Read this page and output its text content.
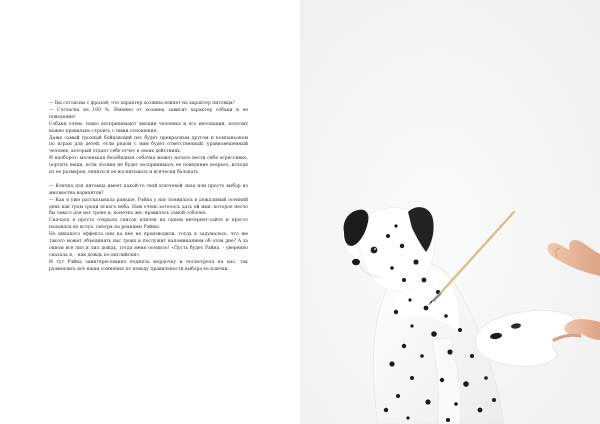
— Вы согласны с фразой, что характер хозяина влияет на характер питомца?

— Согласна на 100 %. Именно от хозяина зависит характер собаки и ее поведение!

Собаки очень тонко воспринимают эмоции человека и его интонации, поэтому важно правильно строить с ними отношения.

Даже самый грозный бойцовский пес будет прекрасным другом и компаньоном по играм для детей, если рядом с ним будет ответственный, уравновешенный человек, который отдает себе отчет в своих действиях.

И наоборот: маленькая безобидная собачка может начать вести себя агрессивно, портить вещи, если хозяин не будет воспринимать ее поведение всерьез, исходя из ее размеров, лениться ее воспитывать и всячески баловать.

— Кличка для питомца имеет какой-то свой ключевой знак или просто выбор из множества вариантов?

— Как я уже рассказывала раньше, Рэйна у нас появилась в дождливый осенний день как гром среди ясного неба. Нам очень хотелось дать ей имя, которое несло бы смысл для нас троих и, конечно же, нравилось самой собачке.

Сначала я просто открыла список кличек на одном интернет-сайте и просто называла их вслух, смотря на реакцию Рэйны.

Но никакого эффекта они на нее не производили, тогда я задумалась, что же такого может объединять нас троих и послужит напоминанием об этом дне? А за окном все лил и лил дождь, тогда меня осенило! «Пусть будет Рэйна, - уверенно сказала я, - как дождь по-английски».

И тут Рэйна заинтересованно подняла мордочку и посмотрела на нас, так развеялись все наши сомнения по поводу правильности выбора ее клички.
